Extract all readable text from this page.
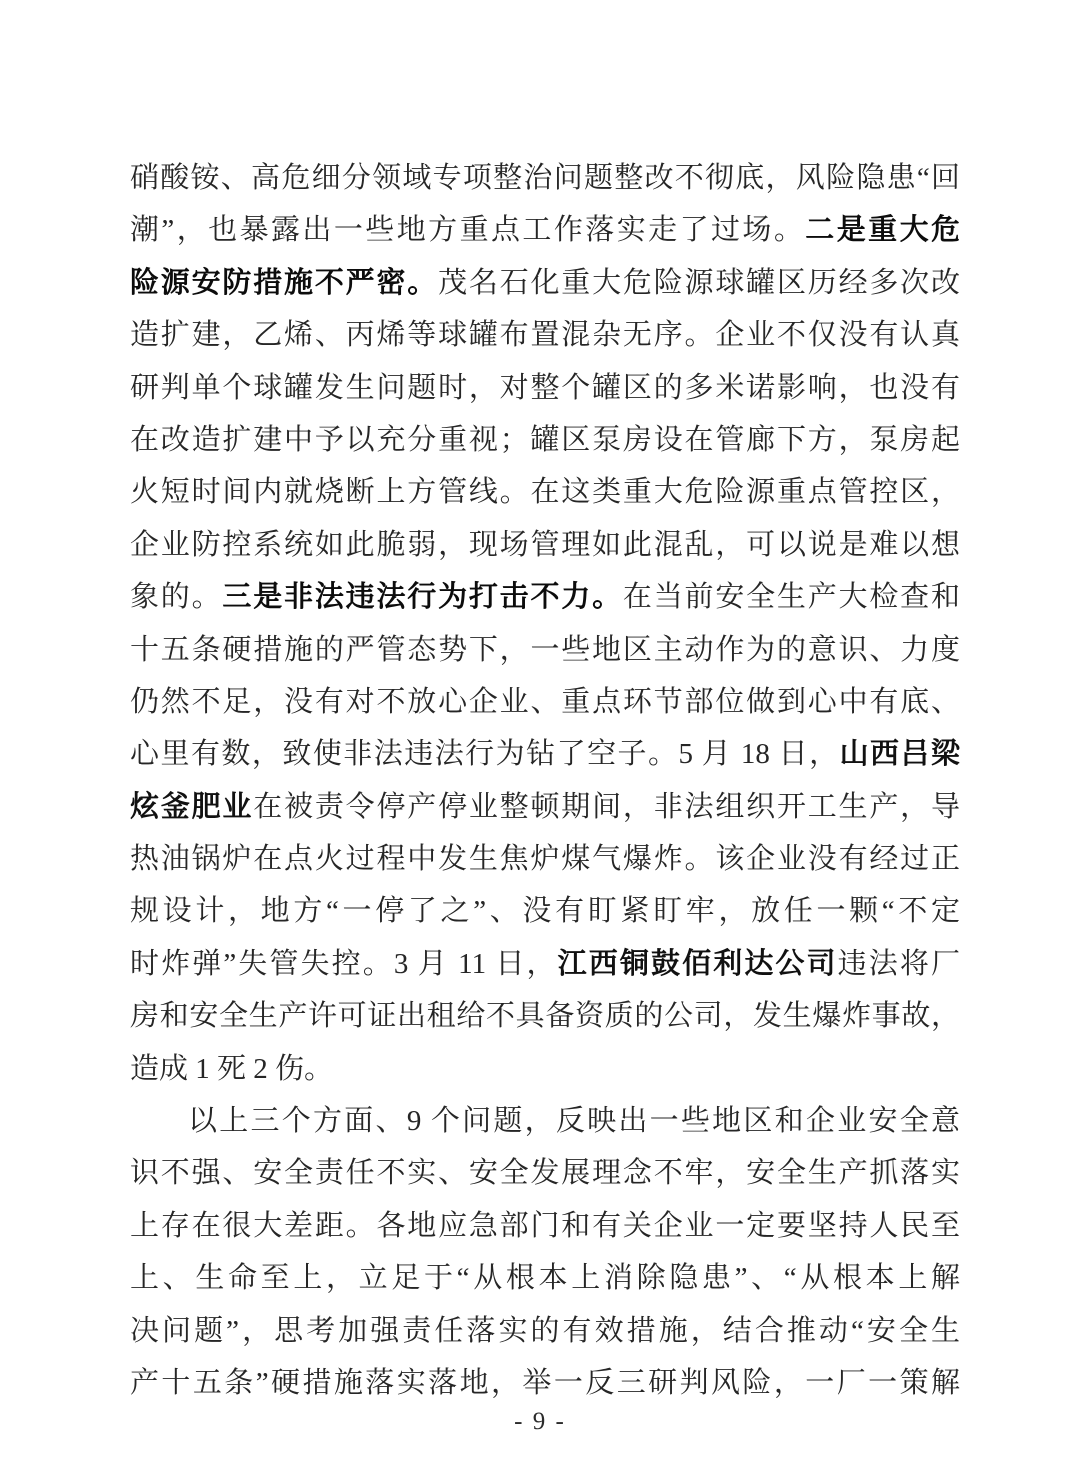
硝酸铵、高危细分领域专项整治问题整改不彻底，风险隐患“回
潮”，也暴露出一些地方重点工作落实走了过场。二是重大危
险源安防措施不严密。茂名石化重大危险源球罐区历经多次改
造扩建，乙烯、丙烯等球罐布置混杂无序。企业不仅没有认真
研判单个球罐发生问题时，对整个罐区的多米诺影响，也没有
在改造扩建中予以充分重视；罐区泵房设在管廊下方，泵房起
火短时间内就烧断上方管线。在这类重大危险源重点管控区，
企业防控系统如此脆弱，现场管理如此混乱，可以说是难以想
象的。三是非法违法行为打击不力。在当前安全生产大检查和
十五条硬措施的严管态势下，一些地区主动作为的意识、力度
仍然不足，没有对不放心企业、重点环节部位做到心中有底、
心里有数，致使非法违法行为钻了空子。5 月 18 日，山西吕梁
炫釜肥业在被责令停产停业整顿期间，非法组织开工生产，导
热油锅炉在点火过程中发生焦炉煤气爆炸。该企业没有经过正
规设计，地方“一停了之”、没有盯紧盯牢，放任一颗“不定
时炸弹”失管失控。3 月 11 日，江西铜鼓佰利达公司违法将厂
房和安全生产许可证出租给不具备资质的公司，发生爆炸事故，
造成 1 死 2 伤。
以上三个方面、9 个问题，反映出一些地区和企业安全意
识不强、安全责任不实、安全发展理念不牢，安全生产抓落实
上存在很大差距。各地应急部门和有关企业一定要坚持人民至
上、生命至上，立足于“从根本上消除隐患”、“从根本上解
决问题”，思考加强责任落实的有效措施，结合推动“安全生
产十五条”硬措施落实落地，举一反三研判风险，一厂一策解
- 9 -
